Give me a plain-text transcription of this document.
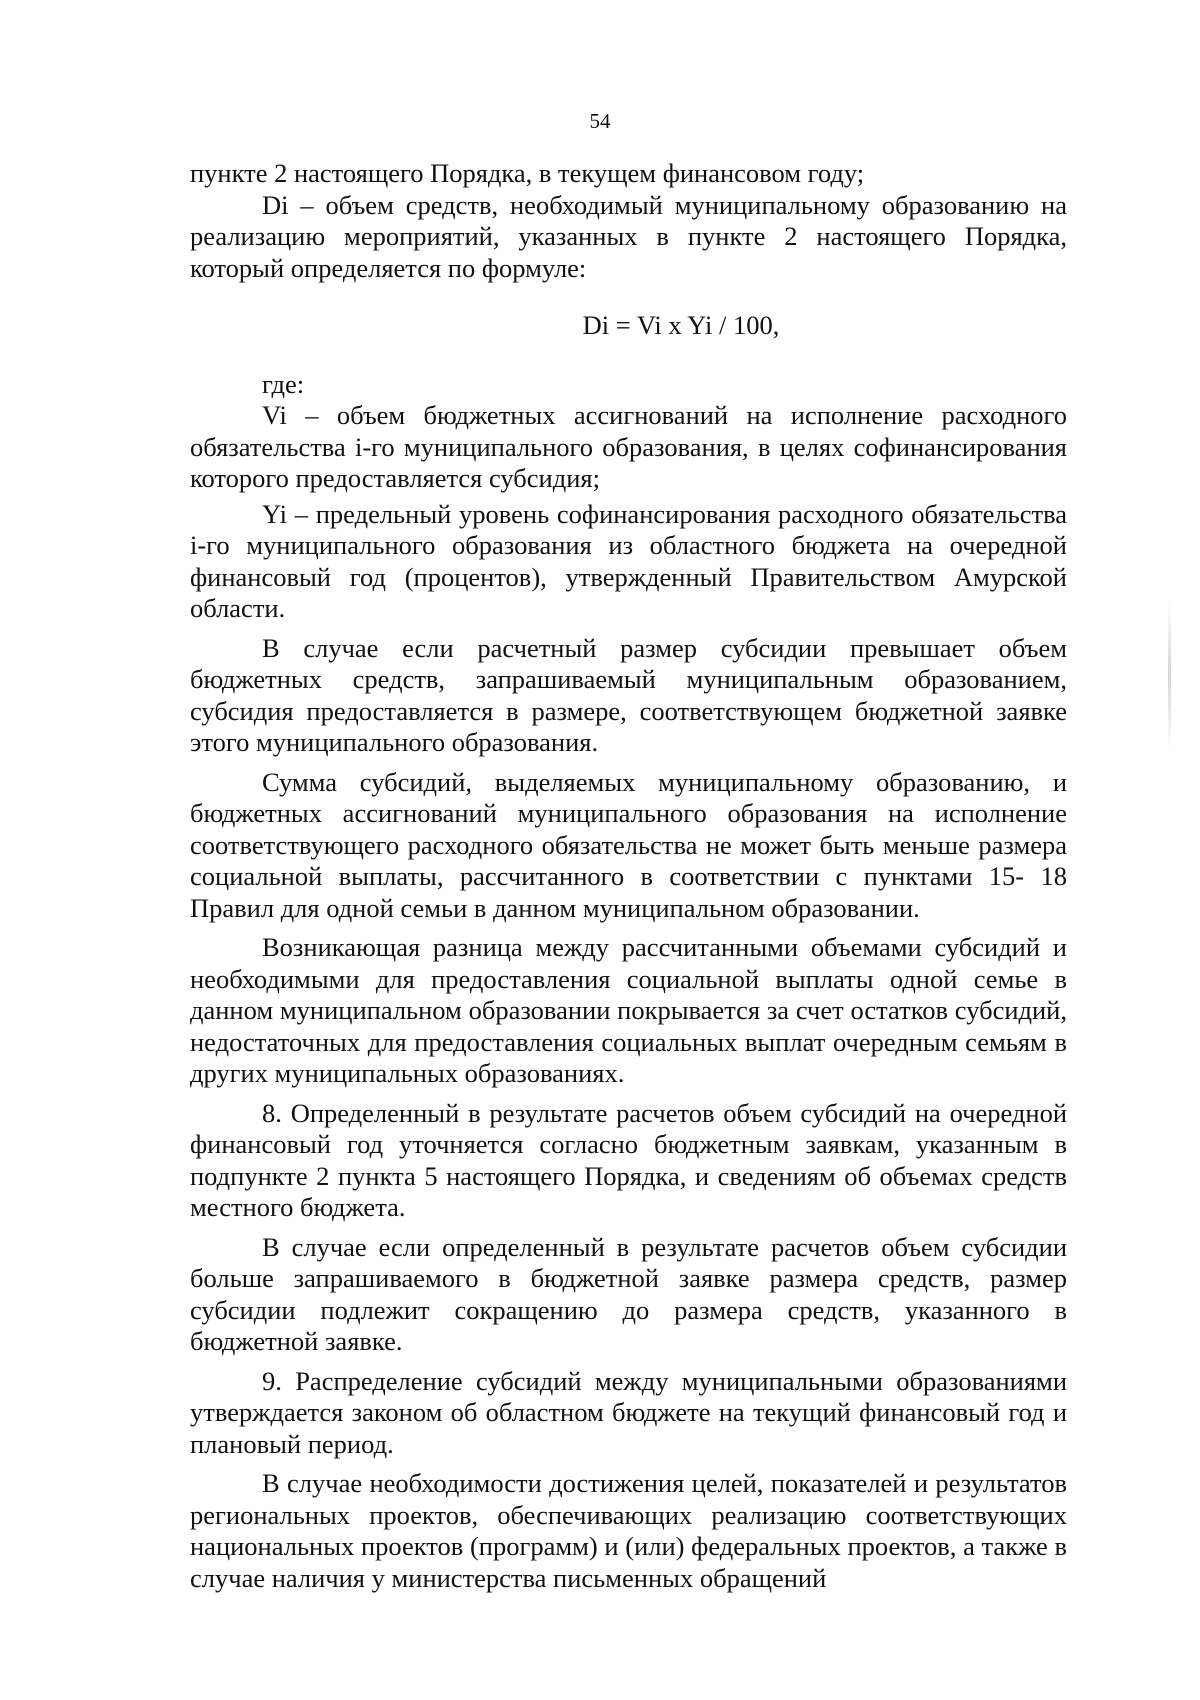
54

пункте 2 настоящего Порядка, в текущем финансовом году;

Di – объем средств, необходимый муниципальному образованию на реализацию мероприятий, указанных в пункте 2 настоящего Порядка, который определяется по формуле:

Di = Vi x Yi / 100,

где:

Vi – объем бюджетных ассигнований на исполнение расходного обязательства i-го муниципального образования, в целях софинансирования которого предоставляется субсидия;

Yi – предельный уровень софинансирования расходного обязательства i-го муниципального образования из областного бюджета на очередной финансовый год (процентов), утвержденный Правительством Амурской области.

В случае если расчетный размер субсидии превышает объем бюджетных средств, запрашиваемый муниципальным образованием, субсидия предоставляется в размере, соответствующем бюджетной заявке этого муниципального образования.

Сумма субсидий, выделяемых муниципальному образованию, и бюджетных ассигнований муниципального образования на исполнение соответствующего расходного обязательства не может быть меньше размера социальной выплаты, рассчитанного в соответствии с пунктами 15- 18 Правил для одной семьи в данном муниципальном образовании.

Возникающая разница между рассчитанными объемами субсидий и необходимыми для предоставления социальной выплаты одной семье в данном муниципальном образовании покрывается за счет остатков субсидий, недостаточных для предоставления социальных выплат очередным семьям в других муниципальных образованиях.

8. Определенный в результате расчетов объем субсидий на очередной финансовый год уточняется согласно бюджетным заявкам, указанным в подпункте 2 пункта 5 настоящего Порядка, и сведениям об объемах средств местного бюджета.

В случае если определенный в результате расчетов объем субсидии больше запрашиваемого в бюджетной заявке размера средств, размер субсидии подлежит сокращению до размера средств, указанного в бюджетной заявке.

9. Распределение субсидий между муниципальными образованиями утверждается законом об областном бюджете на текущий финансовый год и плановый период.

В случае необходимости достижения целей, показателей и результатов региональных проектов, обеспечивающих реализацию соответствующих национальных проектов (программ) и (или) федеральных проектов, а также в случае наличия у министерства письменных обращений
